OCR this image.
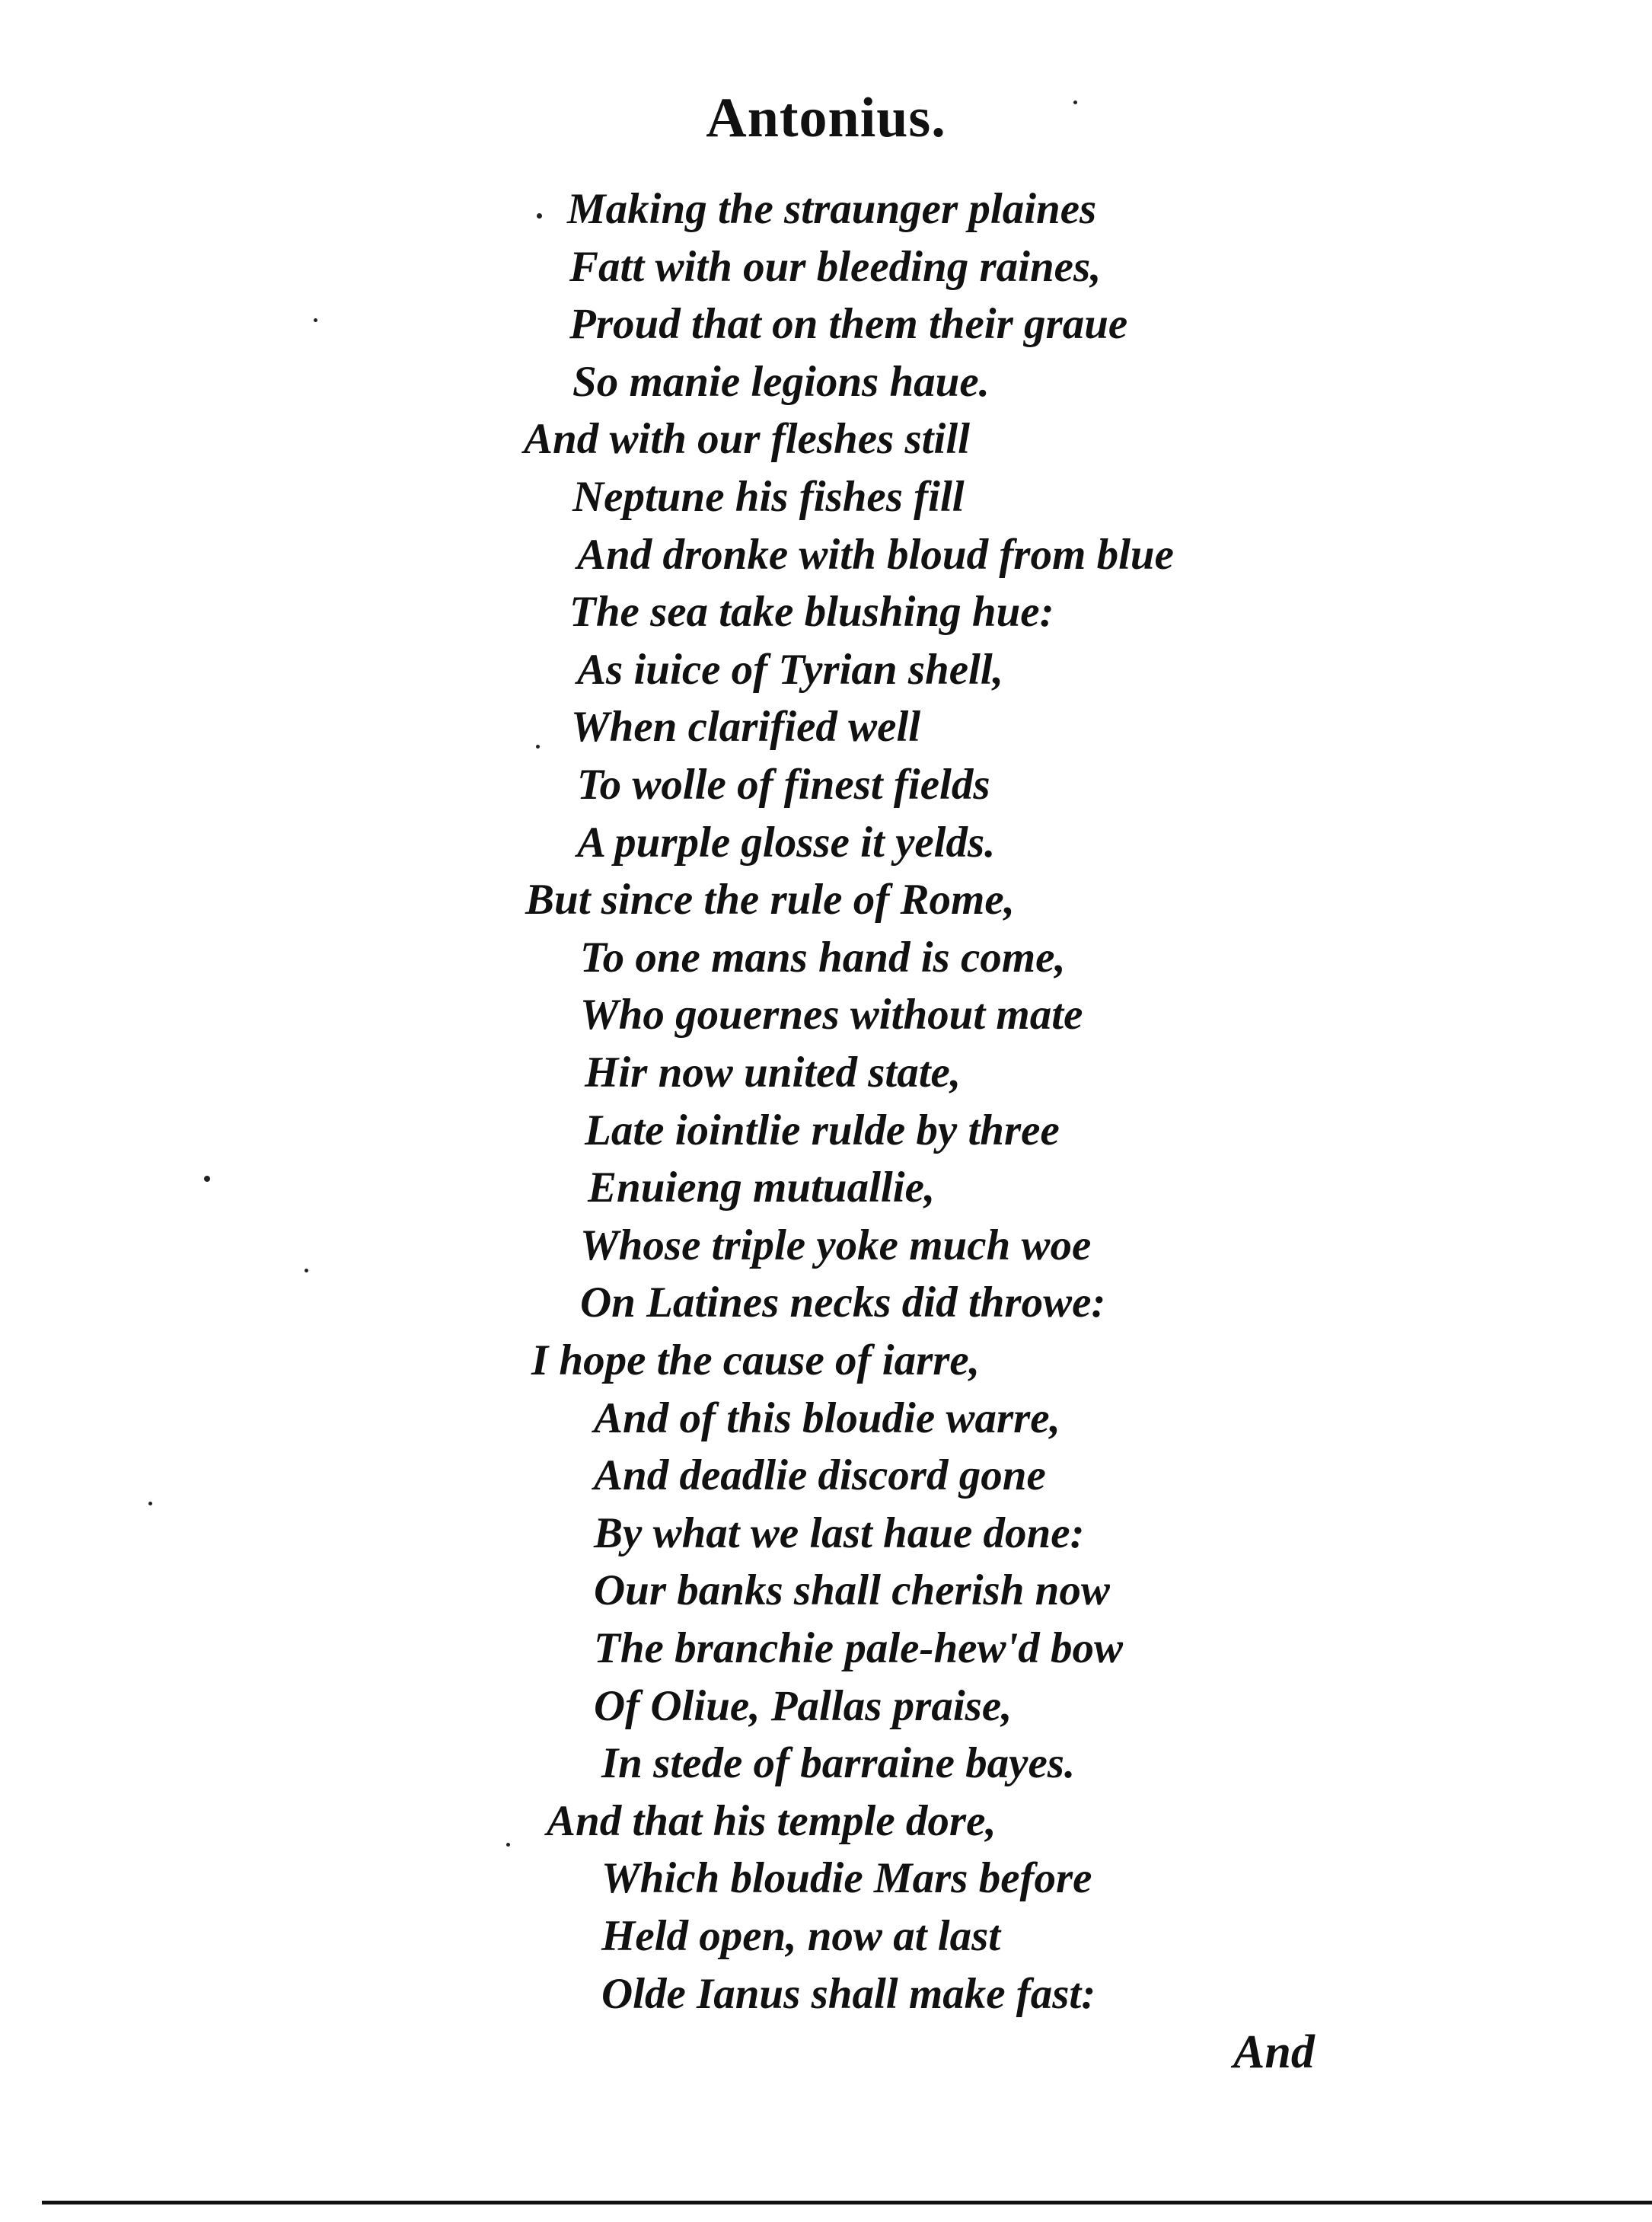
Antonius.
Making the straunger plaines
Fatt with our bleeding raines,
Proud that on them their graue
So manie legions haue.
And with our fleshes still
Neptune his fishes fill
And dronke with bloud from blue
The sea take blushing hue:
As iuice of Tyrian shell,
When clarified well
To wolle of finest fields
A purple glosse it yelds.
But since the rule of Rome,
To one mans hand is come,
Who gouernes without mate
Hir now united state,
Late iointlie rulde by three
Enuieng mutuallie,
Whose triple yoke much woe
On Latines necks did throwe:
I hope the cause of iarre,
And of this bloudie warre,
And deadlie discord gone
By what we last haue done:
Our banks shall cherish now
The branchie pale-hew'd bow
Of Oliue, Pallas praise,
In stede of barraine bayes.
And that his temple dore,
Which bloudie Mars before
Held open, now at last
Olde Ianus shall make fast:
And
